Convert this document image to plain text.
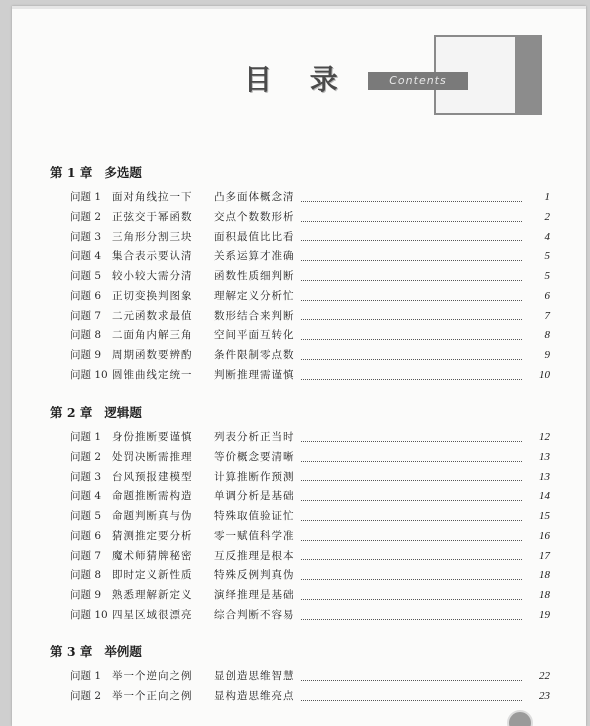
Contents
目 录
第 1 章 多选题
问题 1	面对角线拉一下	凸多面体概念清	1
问题 2	正弦交于幂函数	交点个数数形析	2
问题 3	三角形分割三块	面积最值比比看	4
问题 4	集合表示要认清	关系运算才准确	5
问题 5	较小较大需分清	函数性质细判断	5
问题 6	正切变换判图象	理解定义分析忙	6
问题 7	二元函数求最值	数形结合来判断	7
问题 8	二面角内解三角	空间平面互转化	8
问题 9	周期函数要辨酌	条件限制零点数	9
问题 10 圆锥曲线定统一	判断推理需谨慎	10
第 2 章 逻辑题
问题 1	身份推断要谨慎	列表分析正当时	12
问题 2	处罚决断需推理	等价概念要清晰	13
问题 3	台风预报建模型	计算推断作预测	13
问题 4	命题推断需构造	单调分析是基础	14
问题 5	命题判断真与伪	特殊取值验证忙	15
问题 6	猜测推定要分析	零一赋值科学准	16
问题 7	魔术师猜牌秘密	互反推理是根本	17
问题 8	即时定义新性质	特殊反例判真伪	18
问题 9	熟悉理解新定义	演绎推理是基础	18
问题 10 四星区域很漂亮	综合判断不容易	19
第 3 章 举例题
问题 1	举一个逆向之例	显创造思维智慧	22
问题 2	举一个正向之例	显构造思维亮点	23
